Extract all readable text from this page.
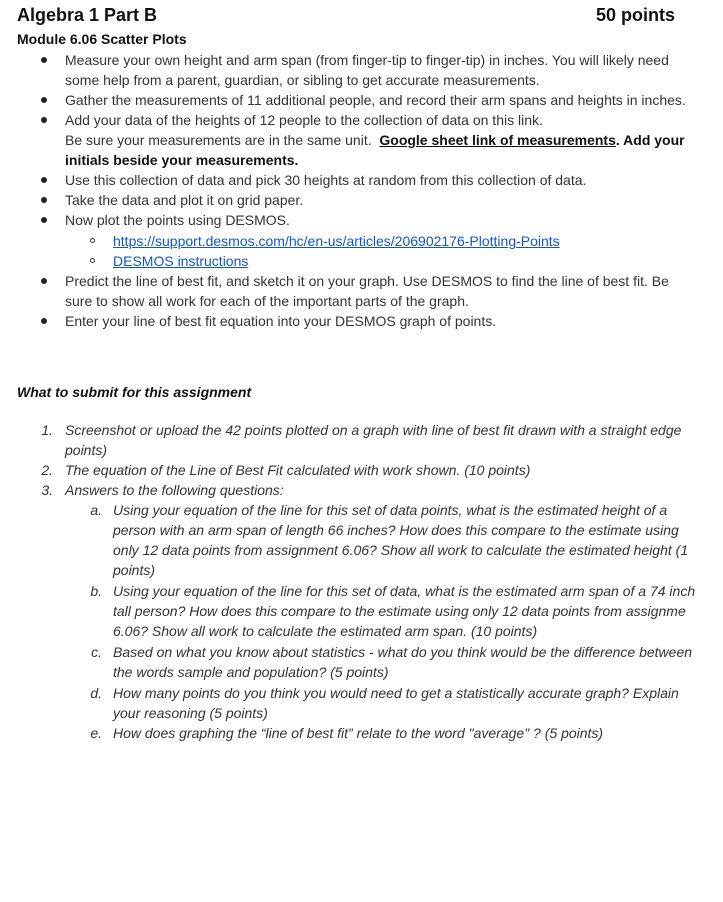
Algebra 1 Part B	50 points
Module 6.06 Scatter Plots
Measure your own height and arm span (from finger-tip to finger-tip) in inches. You will likely need
some help from a parent, guardian, or sibling to get accurate measurements.
Gather the measurements of 11 additional people, and record their arm spans and heights in inches.
Add your data of the heights of 12 people to the collection of data on this link.
Be sure your measurements are in the same unit. Google sheet link of measurements. Add your
initials beside your measurements.
Use this collection of data and pick 30 heights at random from this collection of data.
Take the data and plot it on grid paper.
Now plot the points using DESMOS.
https://support.desmos.com/hc/en-us/articles/206902176-Plotting-Points
DESMOS instructions
Predict the line of best fit, and sketch it on your graph. Use DESMOS to find the line of best fit. Be
sure to show all work for each of the important parts of the graph.
Enter your line of best fit equation into your DESMOS graph of points.
What to submit for this assignment
1. Screenshot or upload the 42 points plotted on a graph with line of best fit drawn with a straight edge
points)
2. The equation of the Line of Best Fit calculated with work shown. (10 points)
3. Answers to the following questions:
a. Using your equation of the line for this set of data points, what is the estimated height of a
person with an arm span of length 66 inches? How does this compare to the estimate using
only 12 data points from assignment 6.06? Show all work to calculate the estimated height (1
points)
b. Using your equation of the line for this set of data, what is the estimated arm span of a 74 inch
tall person? How does this compare to the estimate using only 12 data points from assignme
6.06? Show all work to calculate the estimated arm span. (10 points)
c. Based on what you know about statistics - what do you think would be the difference between
the words sample and population? (5 points)
d. How many points do you think you would need to get a statistically accurate graph? Explain
your reasoning (5 points)
e. How does graphing the “line of best fit” relate to the word "average" ? (5 points)
